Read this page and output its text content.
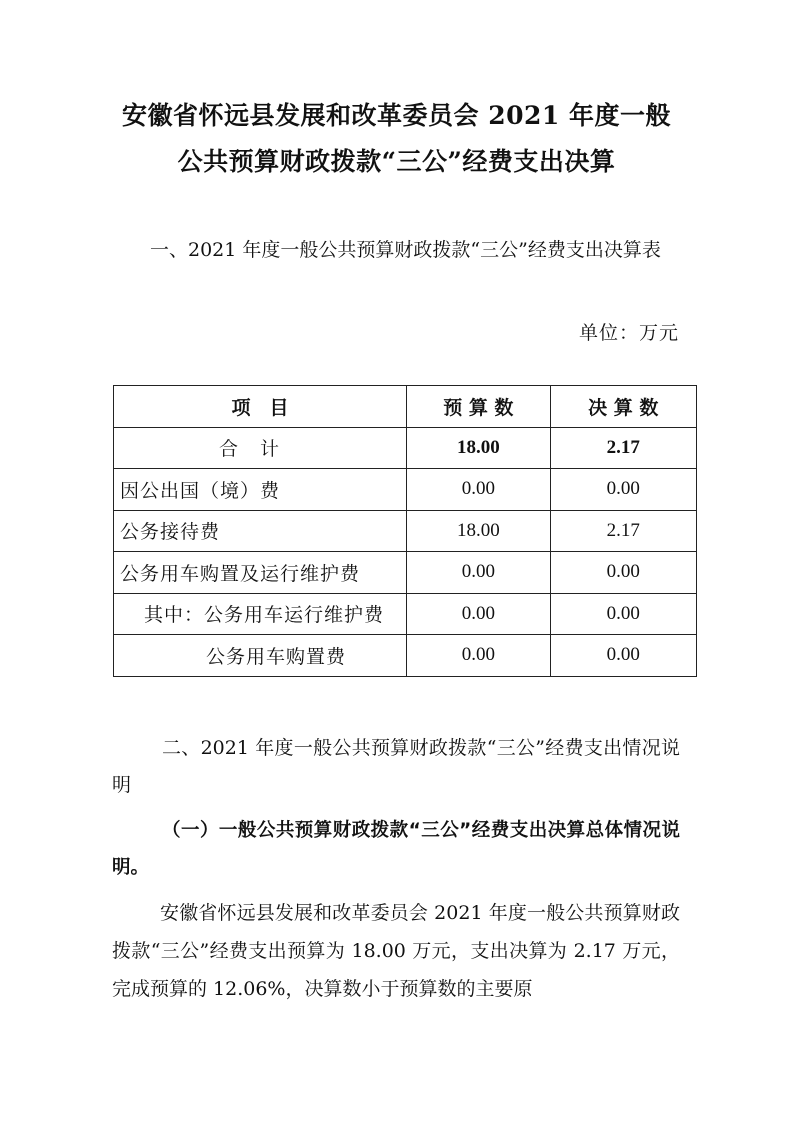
安徽省怀远县发展和改革委员会 2021 年度一般
公共预算财政拨款“三公”经费支出决算
一、2021 年度一般公共预算财政拨款“三公”经费支出决算表
单位：万元
项　目	预 算 数	决 算 数
合计	18.00	2.17
因公出国（境）费	0.00	0.00
公务接待费	18.00	2.17
公务用车购置及运行维护费	0.00	0.00
其中：公务用车运行维护费	0.00	0.00
公务用车购置费	0.00	0.00
二、2021 年度一般公共预算财政拨款“三公”经费支出情况说明
（一）一般公共预算财政拨款“三公”经费支出决算总体情况说明。
安徽省怀远县发展和改革委员会 2021 年度一般公共预算财政拨款“三公”经费支出预算为 18.00 万元，支出决算为 2.17 万元，完成预算的 12.06%，决算数小于预算数的主要原
